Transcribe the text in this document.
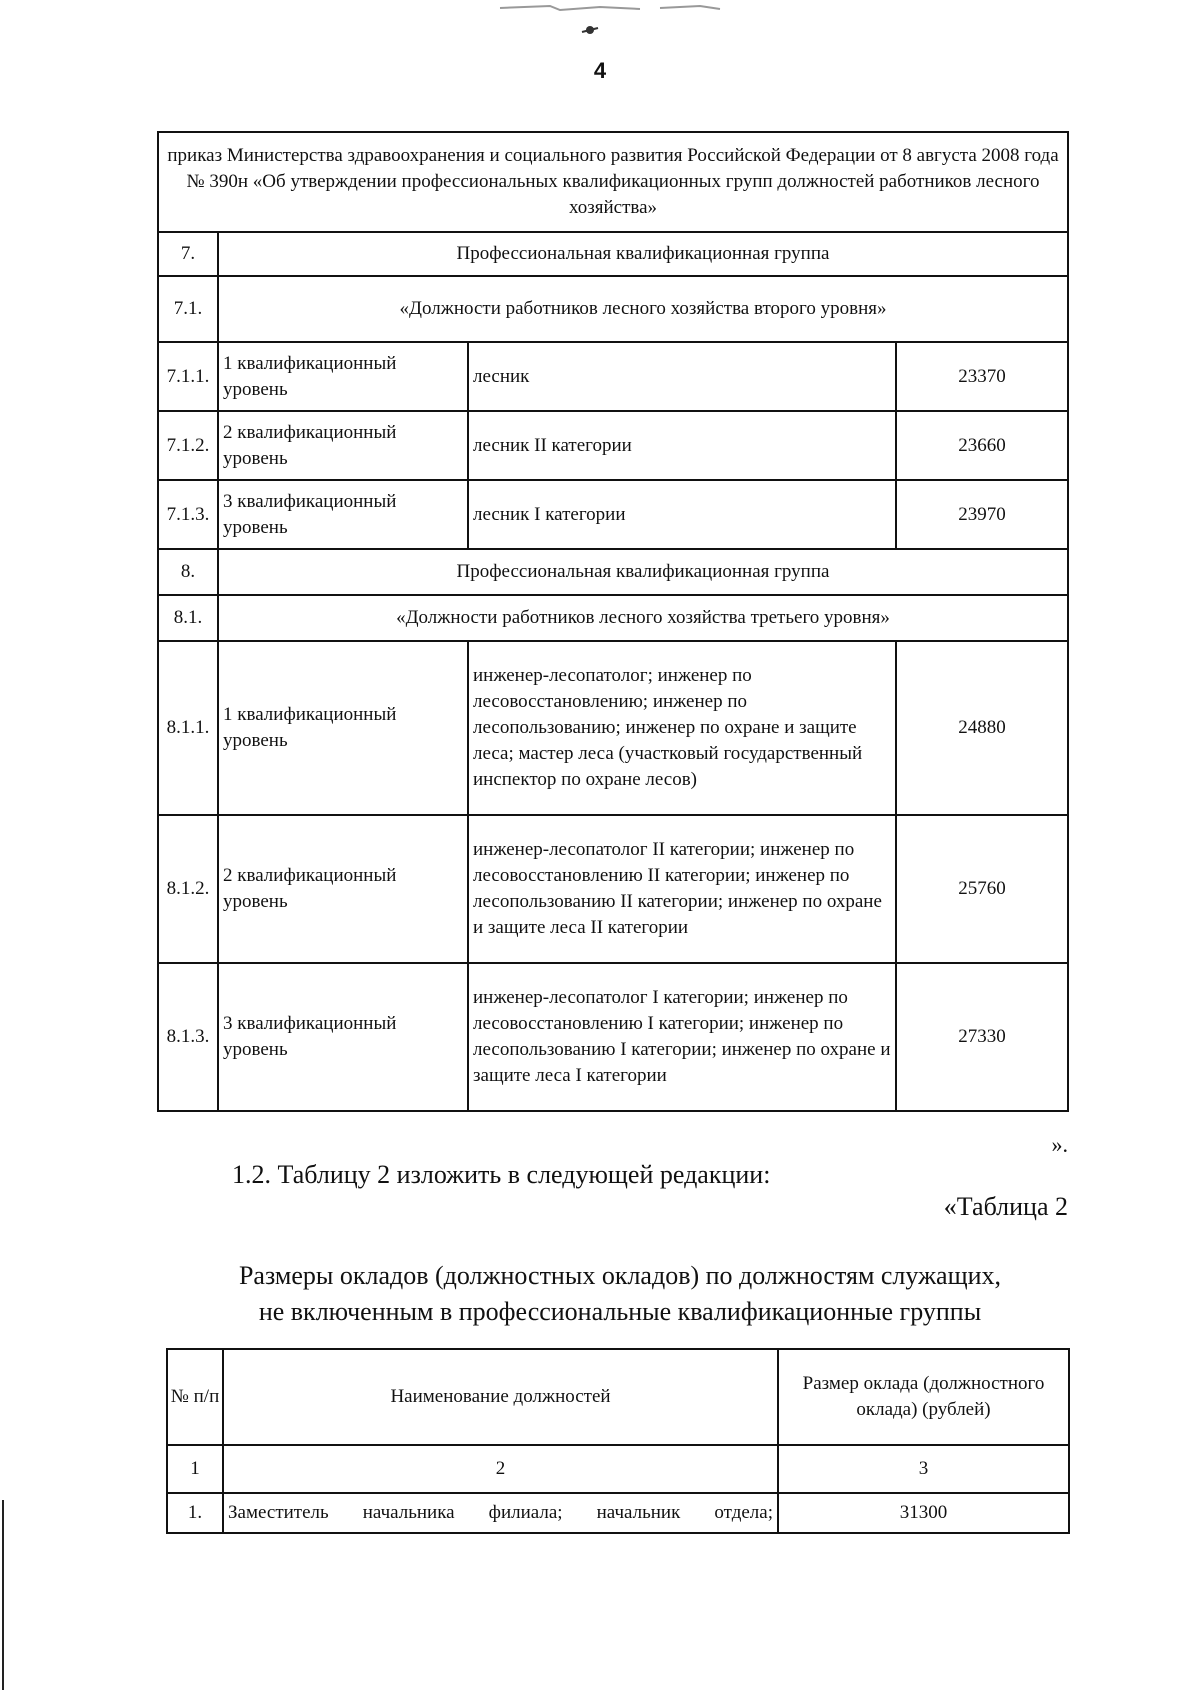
4
приказ Министерства здравоохранения и социального развития Российской Федерации от 8 августа 2008 года № 390н «Об утверждении профессиональных квалификационных групп должностей работников лесного хозяйства»			
7.	Профессиональная квалификационная группа		
7.1.	«Должности работников лесного хозяйства второго уровня»		
7.1.1.	1 квалификационный уровень	лесник	23370
7.1.2.	2 квалификационный уровень	лесник II категории	23660
7.1.3.	3 квалификационный уровень	лесник I категории	23970
8.	Профессиональная квалификационная группа		
8.1.	«Должности работников лесного хозяйства третьего уровня»		
8.1.1.	1 квалификационный уровень	инженер-лесопатолог; инженер по лесовосстановлению; инженер по лесопользованию; инженер по охране и защите леса; мастер леса (участковый государственный инспектор по охране лесов)	24880
8.1.2.	2 квалификационный уровень	инженер-лесопатолог II категории; инженер по лесовосстановлению II категории; инженер по лесопользованию II категории; инженер по охране и защите леса II категории	25760
8.1.3.	3 квалификационный уровень	инженер-лесопатолог I категории; инженер по лесовосстановлению I категории; инженер по лесопользованию I категории; инженер по охране и защите леса I категории	27330
».
1.2. Таблицу 2 изложить в следующей редакции:
«Таблица 2
Размеры окладов (должностных окладов) по должностям служащих,
не включенным в профессиональные квалификационные группы
№ п/п	Наименование должностей	Размер оклада (должностного оклада) (рублей)
1	2	3
1.	Заместитель начальника филиала; начальник отдела;	31300
